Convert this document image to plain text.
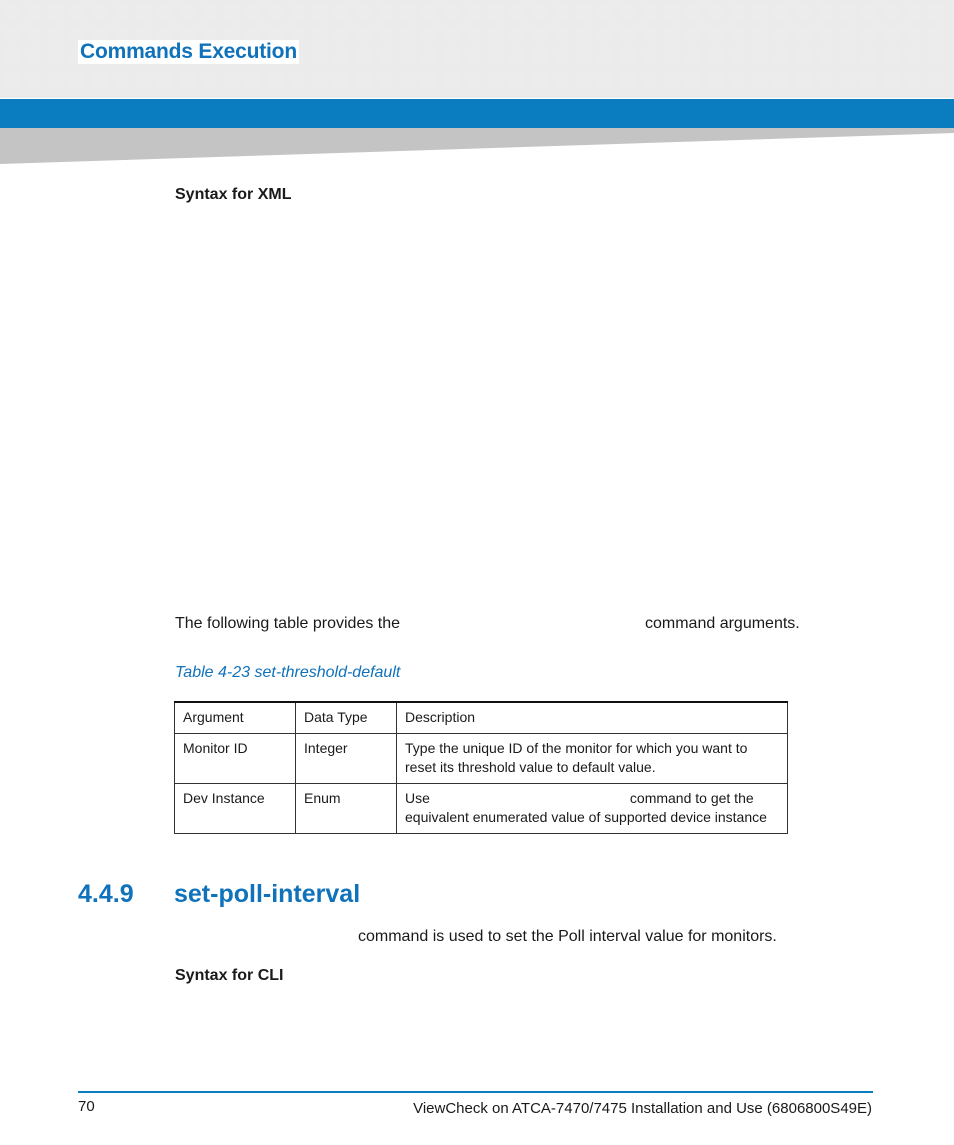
Commands Execution
Syntax for XML
The following table provides the	command arguments.
Table 4-23 set-threshold-default
Argument	Data Type	Description
Monitor ID	Integer	Type the unique ID of the monitor for which you want to reset its threshold value to default value.
Dev Instance	Enum	Use command to get the equivalent enumerated value of supported device instance
4.4.9 set-poll-interval
command is used to set the Poll interval value for monitors.
Syntax for CLI
70	ViewCheck on ATCA-7470/7475 Installation and Use (6806800S49E)
